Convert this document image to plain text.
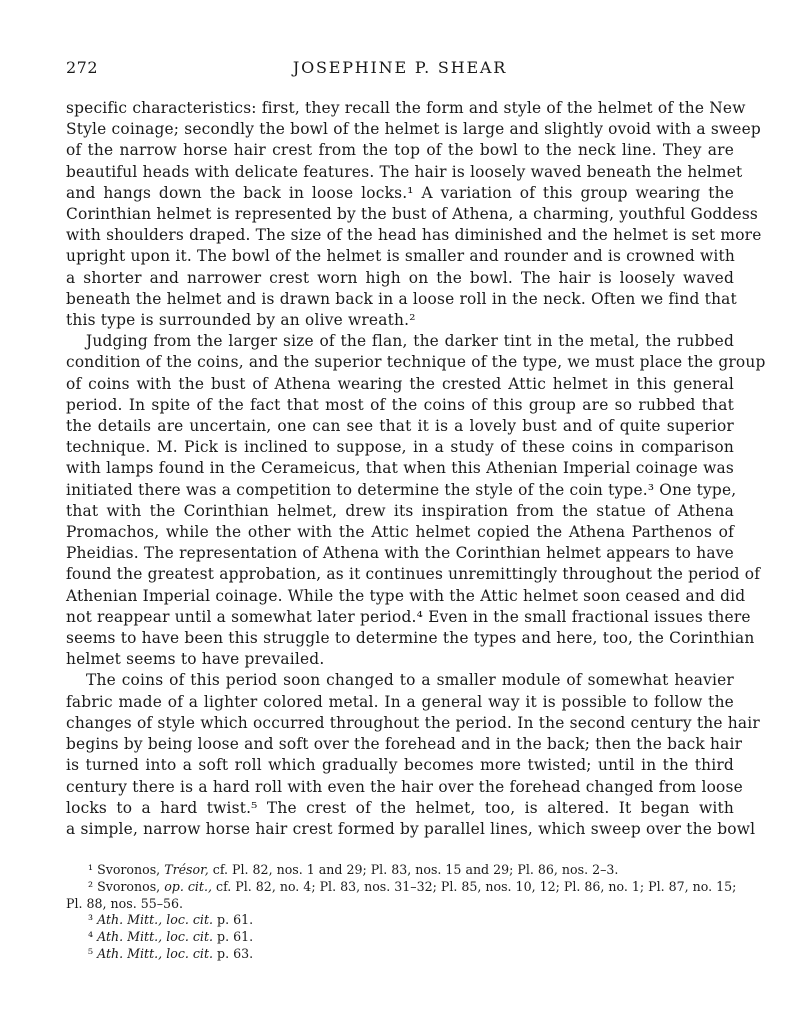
272	JOSEPHINE P. SHEAR

specific characteristics: first, they recall the form and style of the helmet of the New
Style coinage; secondly the bowl of the helmet is large and slightly ovoid with a sweep
of the narrow horse hair crest from the top of the bowl to the neck line. They are
beautiful heads with delicate features. The hair is loosely waved beneath the helmet
and hangs down the back in loose locks.¹ A variation of this group wearing the
Corinthian helmet is represented by the bust of Athena, a charming, youthful Goddess
with shoulders draped. The size of the head has diminished and the helmet is set more
upright upon it. The bowl of the helmet is smaller and rounder and is crowned with
a shorter and narrower crest worn high on the bowl. The hair is loosely waved
beneath the helmet and is drawn back in a loose roll in the neck. Often we find that
this type is surrounded by an olive wreath.²

Judging from the larger size of the flan, the darker tint in the metal, the rubbed
condition of the coins, and the superior technique of the type, we must place the group
of coins with the bust of Athena wearing the crested Attic helmet in this general
period. In spite of the fact that most of the coins of this group are so rubbed that
the details are uncertain, one can see that it is a lovely bust and of quite superior
technique. M. Pick is inclined to suppose, in a study of these coins in comparison
with lamps found in the Cerameicus, that when this Athenian Imperial coinage was
initiated there was a competition to determine the style of the coin type.³ One type,
that with the Corinthian helmet, drew its inspiration from the statue of Athena
Promachos, while the other with the Attic helmet copied the Athena Parthenos of
Pheidias. The representation of Athena with the Corinthian helmet appears to have
found the greatest approbation, as it continues unremittingly throughout the period of
Athenian Imperial coinage. While the type with the Attic helmet soon ceased and did
not reappear until a somewhat later period.⁴ Even in the small fractional issues there
seems to have been this struggle to determine the types and here, too, the Corinthian
helmet seems to have prevailed.

The coins of this period soon changed to a smaller module of somewhat heavier
fabric made of a lighter colored metal. In a general way it is possible to follow the
changes of style which occurred throughout the period. In the second century the hair
begins by being loose and soft over the forehead and in the back; then the back hair
is turned into a soft roll which gradually becomes more twisted; until in the third
century there is a hard roll with even the hair over the forehead changed from loose
locks to a hard twist.⁵ The crest of the helmet, too, is altered. It began with
a simple, narrow horse hair crest formed by parallel lines, which sweep over the bowl

¹ Svoronos, Trésor, cf. Pl. 82, nos. 1 and 29; Pl. 83, nos. 15 and 29; Pl. 86, nos. 2–3.
² Svoronos, op. cit., cf. Pl. 82, no. 4; Pl. 83, nos. 31–32; Pl. 85, nos. 10, 12; Pl. 86, no. 1; Pl. 87, no. 15;
Pl. 88, nos. 55–56.
³ Ath. Mitt., loc. cit. p. 61.
⁴ Ath. Mitt., loc. cit. p. 61.
⁵ Ath. Mitt., loc. cit. p. 63.
